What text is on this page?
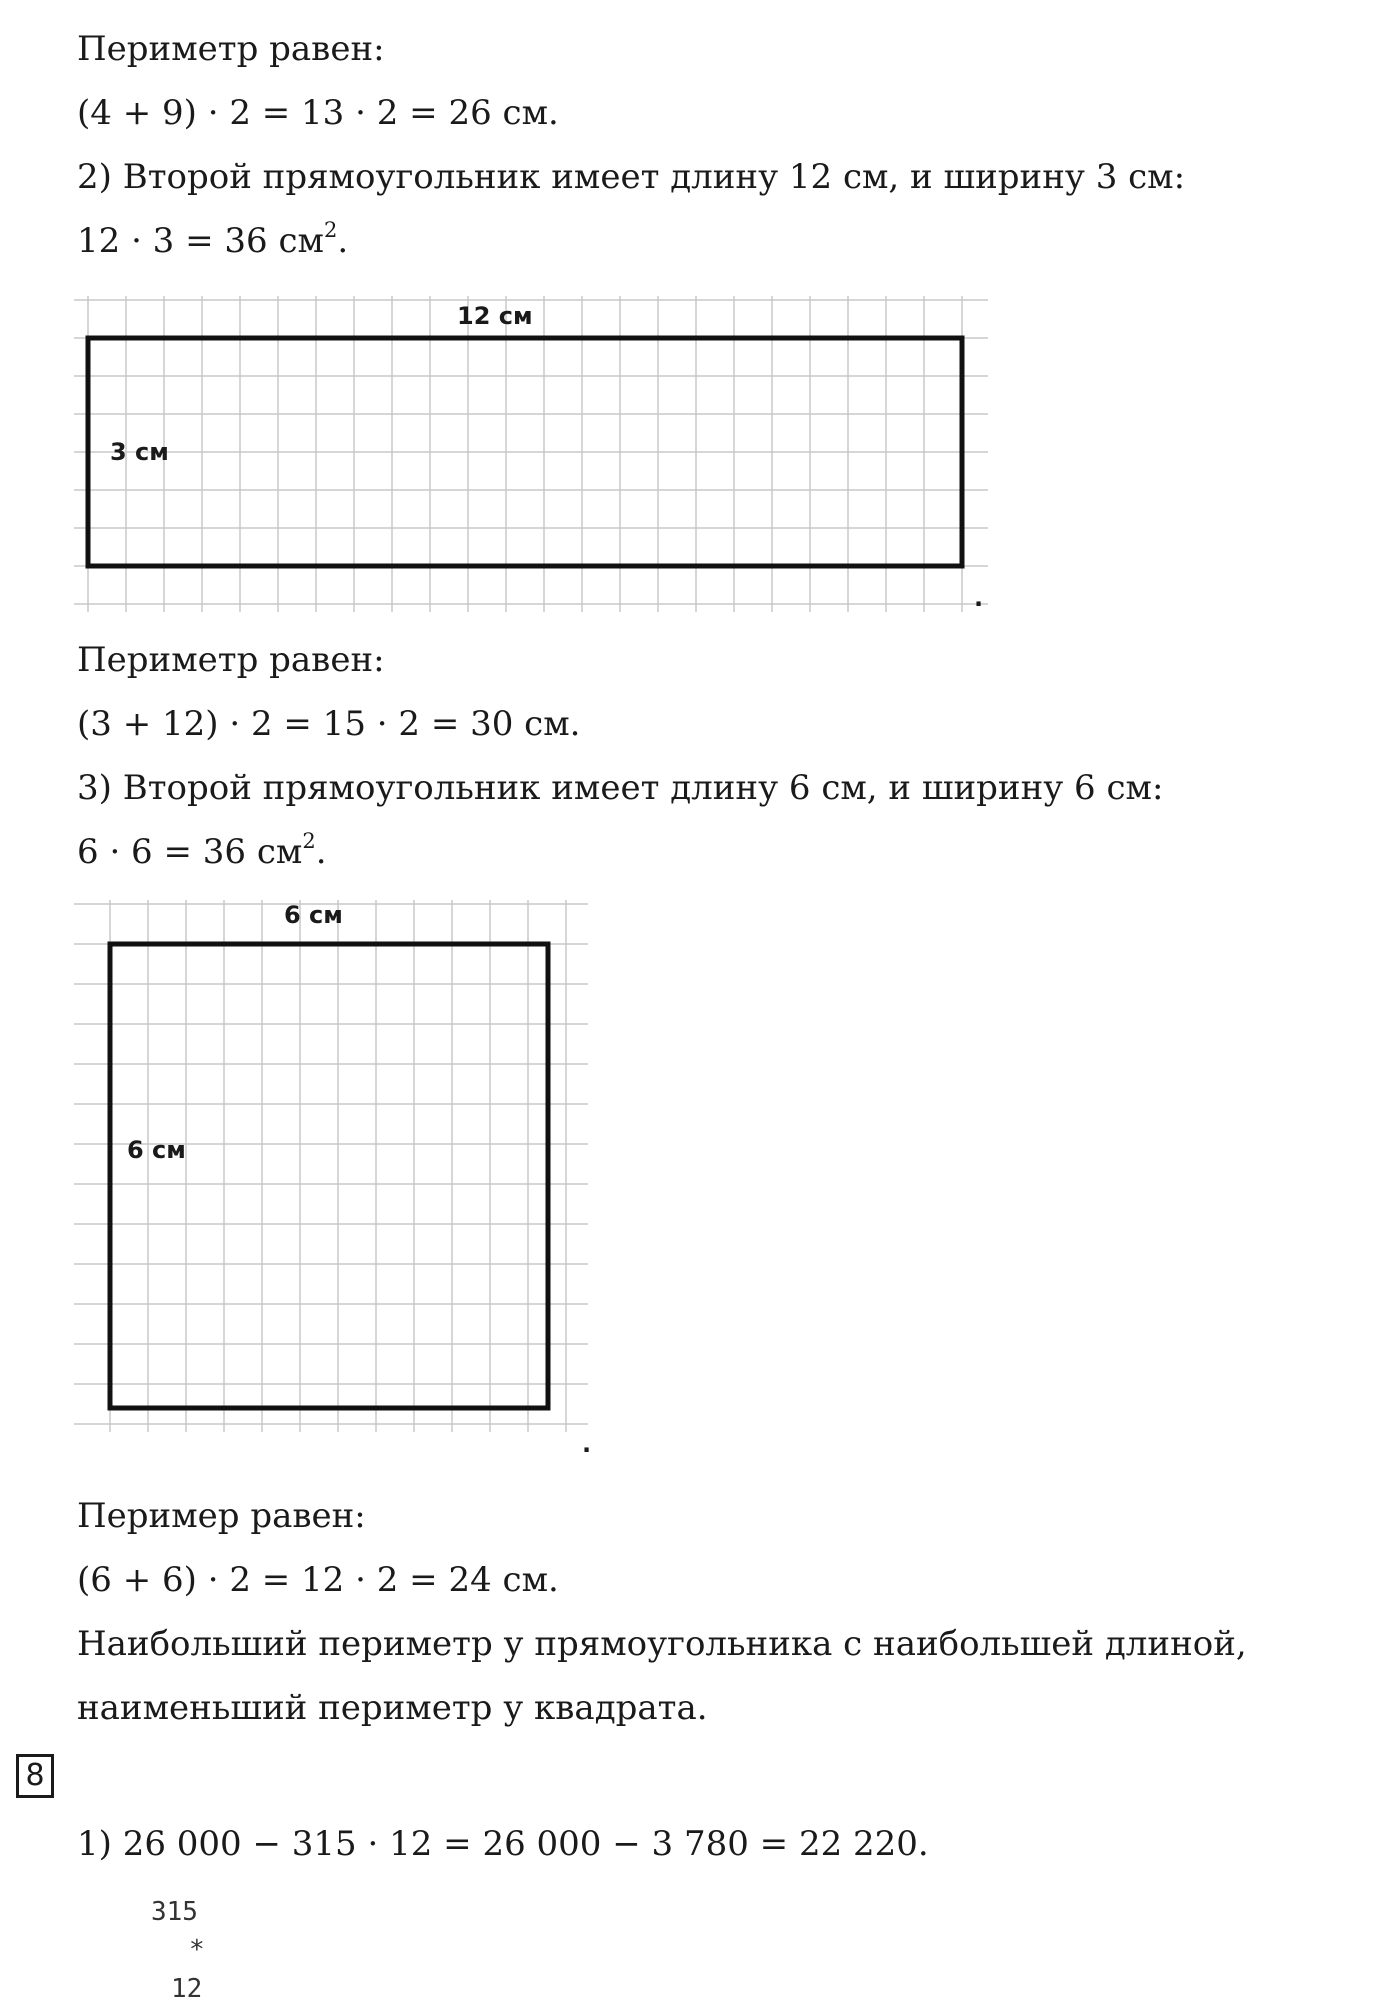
Периметр равен:

(4 + 9) · 2 = 13 · 2 = 26 см.

2) Второй прямоугольник имеет длину 12 см, и ширину 3 см:

12 · 3 = 36 $см^2$.

12 см
3 см
.

Периметр равен:

(3 + 12) · 2 = 15 · 2 = 30 см.

3) Второй прямоугольник имеет длину 6 см, и ширину 6 см:

6 · 6 = 36 $см^2$.

6 см
6 см
.

Пеример равен:

(6 + 6) · 2 = 12 · 2 = 24 см.

Наибольший периметр у прямоугольника с наибольшей длиной,

наименьший периметр у квадрата.

8

1) 26 000 − 315 · 12 = 26 000 − 3 780 = 22 220.

315
*
12
